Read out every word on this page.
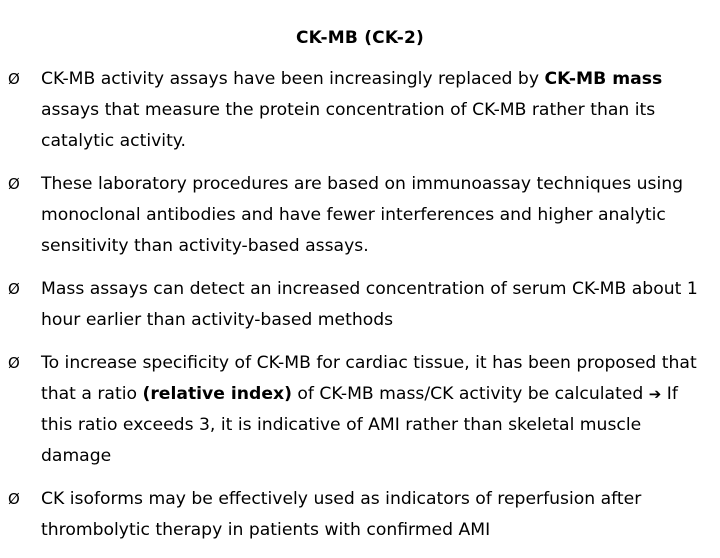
CK-MB (CK-2)
Ø CK-MB activity assays have been increasingly replaced by CK-MB mass assays that measure the protein concentration of CK-MB rather than its catalytic activity.
Ø These laboratory procedures are based on immunoassay techniques using monoclonal antibodies and have fewer interferences and higher analytic sensitivity than activity-based assays.
Ø Mass assays can detect an increased concentration of serum CK-MB about 1 hour earlier than activity-based methods
Ø To increase specificity of CK-MB for cardiac tissue, it has been proposed that that a ratio (relative index) of CK-MB mass/CK activity be calculated ➔ If this ratio exceeds 3, it is indicative of AMI rather than skeletal muscle damage
Ø CK isoforms may be effectively used as indicators of reperfusion after thrombolytic therapy in patients with confirmed AMI
